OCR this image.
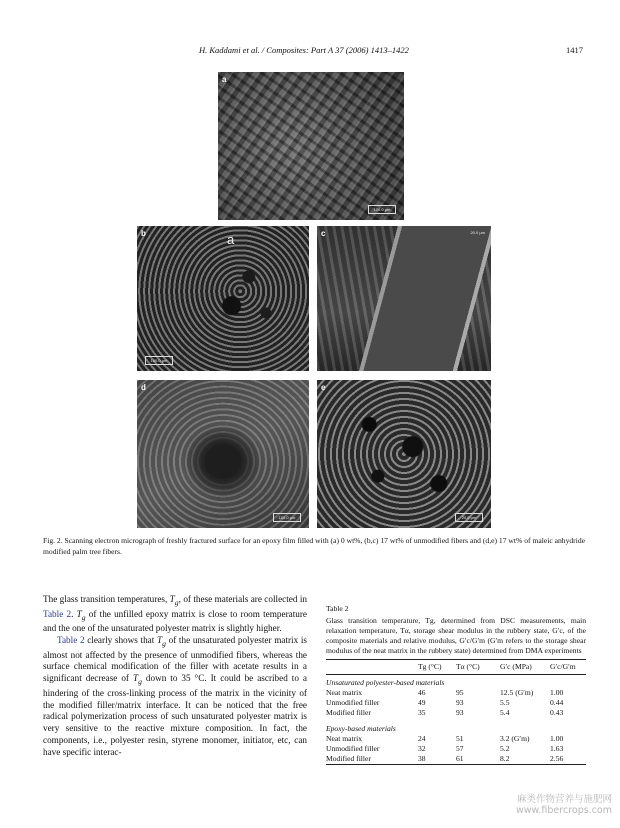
H. Kaddami et al. / Composites: Part A 37 (2006) 1413–1422	1417
a
100.0 μm
b	a
100.0 μm
c	20.0 μm
d
100.0 μm
e
20.0 μm
Fig. 2. Scanning electron micrograph of freshly fractured surface for an epoxy film filled with (a) 0 wt%, (b,c) 17 wt% of unmodified fibers and (d,e) 17 wt% of maleic anhydride modified palm tree fibers.

The glass transition temperatures, $T_g$, of these materials are collected in Table 2. $T_g$ of the unfilled epoxy matrix is close to room temperature and the one of the unsaturated polyester matrix is slightly higher.

Table 2 clearly shows that $T_g$ of the unsaturated polyester matrix is almost not affected by the presence of unmodified fibers, whereas the surface chemical modification of the filler with acetate results in a significant decrease of $T_g$ down to 35 °C. It could be ascribed to a hindering of the cross-linking process of the matrix in the vicinity of the modified filler/matrix interface. It can be noticed that the free radical polymerization process of such unsaturated polyester matrix is very sensitive to the reactive mixture composition. In fact, the components, i.e., polyester resin, styrene monomer, initiator, etc, can have specific interac-

Table 2
Glass transition temperature, Tg, determined from DSC measurements, main relaxation temperature, Tα, storage shear modulus in the rubbery state, G′c, of the composite materials and relative modulus, G′c/G′m (G′m refers to the storage shear modulus of the neat matrix in the rubbery state) determined from DMA experiments
	Tg (°C)	Tα (°C)	G′c (MPa)	G′c/G′m
Unsaturated polyester-based materials				
Neat matrix	46	95	12.5 (G′m)	1.00
Unmodified filler	49	93	5.5	0.44
Modified filler	35	93	5.4	0.43
Epoxy-based materials				
Neat matrix	24	51	3.2 (G′m)	1.00
Unmodified filler	32	57	5.2	1.63
Modified filler	38	61	8.2	2.56
麻类作物营养与施肥网
www.fibercrops.com
